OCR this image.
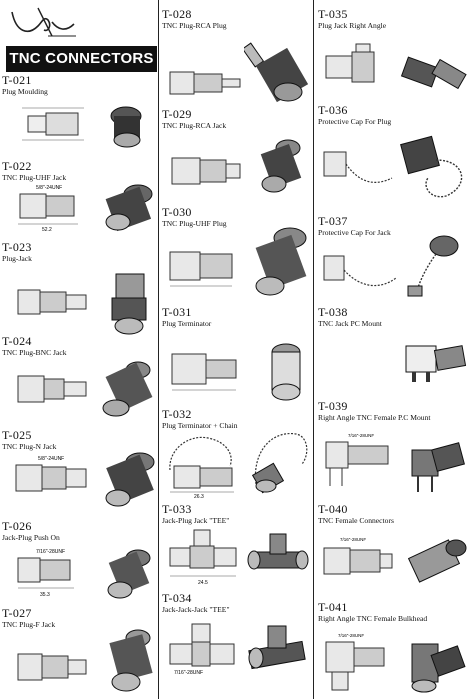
TNC CONNECTORS
T-021
Plug Moulding
T-022
TNC Plug-UHF Jack
5/8"-24UNF
52.2
T-023
Plug-Jack
T-024
TNC Plug-BNC Jack
T-025
TNC Plug-N Jack
5/8"-24UNF
T-026
Jack-Plug Push On
7/16"-28UNF
35.3
T-027
TNC Plug-F Jack
T-028
TNC Plug-RCA Plug
T-029
TNC Plug-RCA Jack
T-030
TNC Plug-UHF Plug
T-031
Plug Terminator
T-032
Plug Terminator + Chain
26.3
T-033
Jack-Plug Jack "TEE"
24.5
T-034
Jack-Jack-Jack "TEE"
7/16"-28UNF
T-035
Plug Jack Right Angle
T-036
Protective Cap For Plug
T-037
Protective Cap For Jack
T-038
TNC Jack PC Mount
T-039
Right Angle TNC Female P.C Mount
7/16"-28UNF
T-040
TNC Female Connectors
7/16"-28UNF
T-041
Right Angle TNC Female Bulkhead
7/16"-28UNF
